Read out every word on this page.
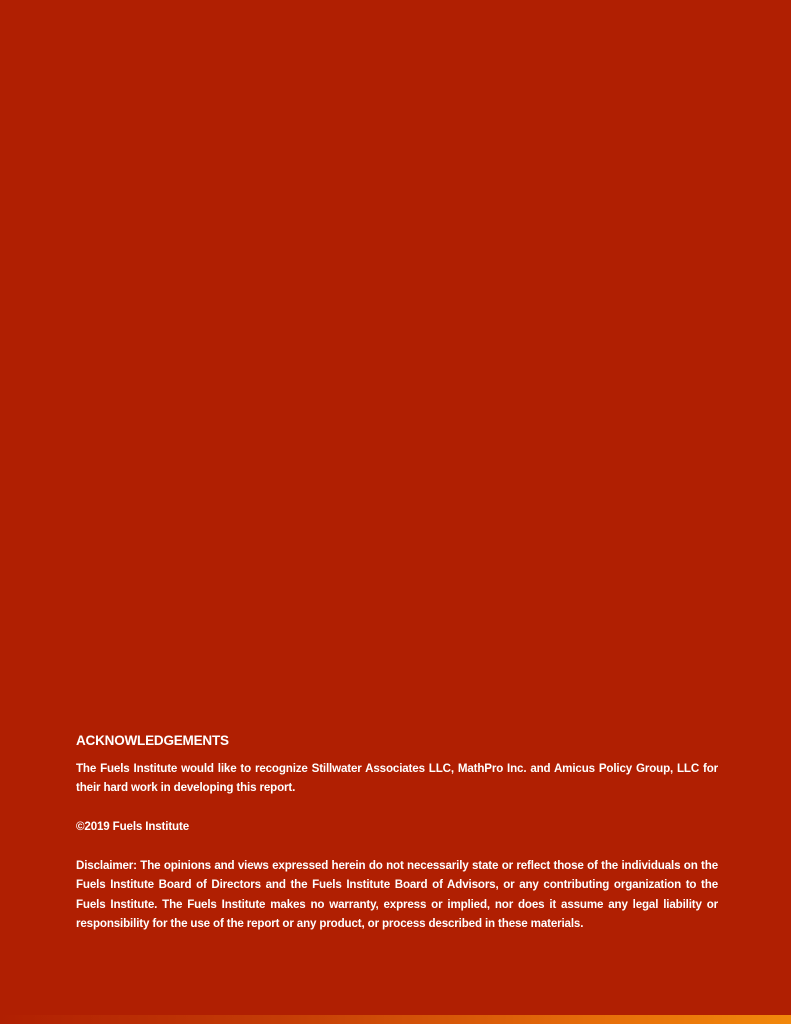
ACKNOWLEDGEMENTS

The Fuels Institute would like to recognize Stillwater Associates LLC, MathPro Inc. and Amicus Policy Group, LLC for their hard work in developing this report.

©2019 Fuels Institute

Disclaimer: The opinions and views expressed herein do not necessarily state or reflect those of the individuals on the Fuels Institute Board of Directors and the Fuels Institute Board of Advisors, or any contributing organization to the Fuels Institute. The Fuels Institute makes no warranty, express or implied, nor does it assume any legal liability or responsibility for the use of the report or any product, or process described in these materials.
